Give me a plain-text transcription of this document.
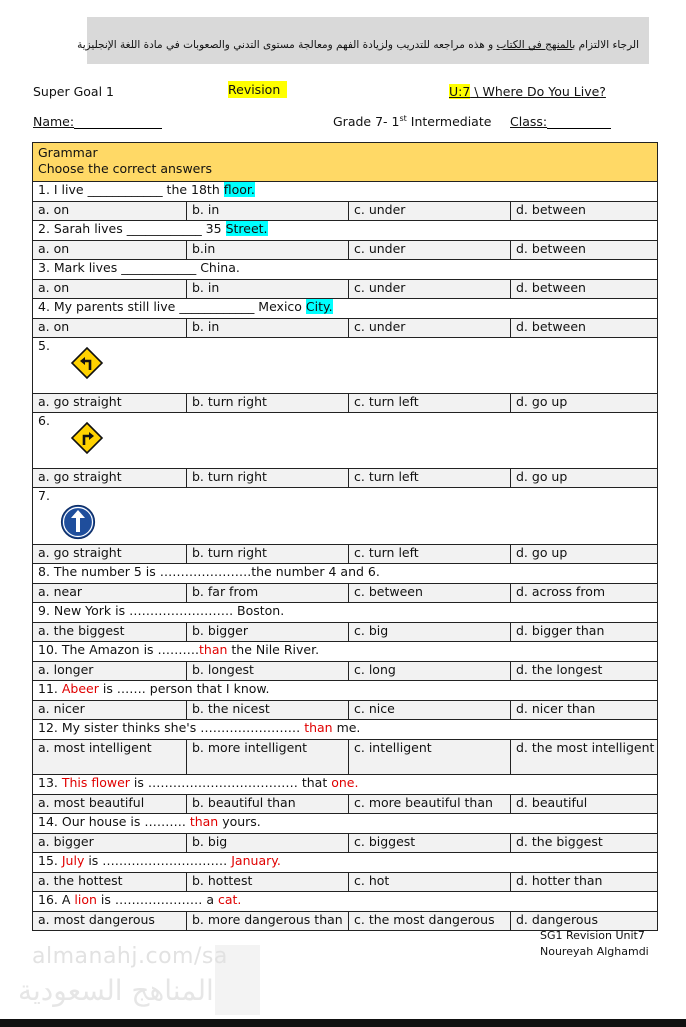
الرجاء الالتزام بالمنهج في الكتاب و هذه مراجعه للتدريب ولزيادة الفهم ومعالجة مستوى التدني والصعوبات في مادة اللغة الإنجليزية
Super Goal 1	Revision	U:7 \ Where Do You Live?
Name:	Grade 7- 1st Intermediate Class:
Grammar
Choose the correct answers			

1. I live ____________ the 18th floor.			

a. on	b. in	c. under	d. between

2. Sarah lives ____________ 35 Street.			

a. on	b.in	c. under	d. between

3. Mark lives ____________ China.			

a. on	b. in	c. under	d. between

4. My parents still live ____________ Mexico City.			

a. on	b. in	c. under	d. between

5.			

a. go straight	b. turn right	c. turn left	d. go up

6.			

a. go straight	b. turn right	c. turn left	d. go up

7.			

a. go straight	b. turn right	c. turn left	d. go up

8. The number 5 is ………………….the number 4 and 6.			

a. near	b. far from	c. between	d. across from

9. New York is ……………………. Boston.			

a. the biggest	b. bigger	c. big	d. bigger than

10. The Amazon is ……….than the Nile River.			

a. longer	b. longest	c. long	d. the longest

11. Abeer is ……. person that I know.			

a. nicer	b. the nicest	c. nice	d. nicer than

12. My sister thinks she's …………………… than me.			

a. most intelligent	b. more intelligent	c. intelligent	d. the most intelligent

13. This flower is ……………………………… that one.			

a. most beautiful	b. beautiful than	c. more beautiful than	d. beautiful

14. Our house is ………. than yours.			

a. bigger	b. big	c. biggest	d. the biggest

15. July is ………………………… January.			

a. the hottest	b. hottest	c. hot	d. hotter than

16. A lion is ………………… a cat.			

a. most dangerous	b. more dangerous than	c. the most dangerous	d. dangerous
SG1 Revision Unit7
Noureyah Alghamdi
almanahj.com/sa
المناهج السعودية
